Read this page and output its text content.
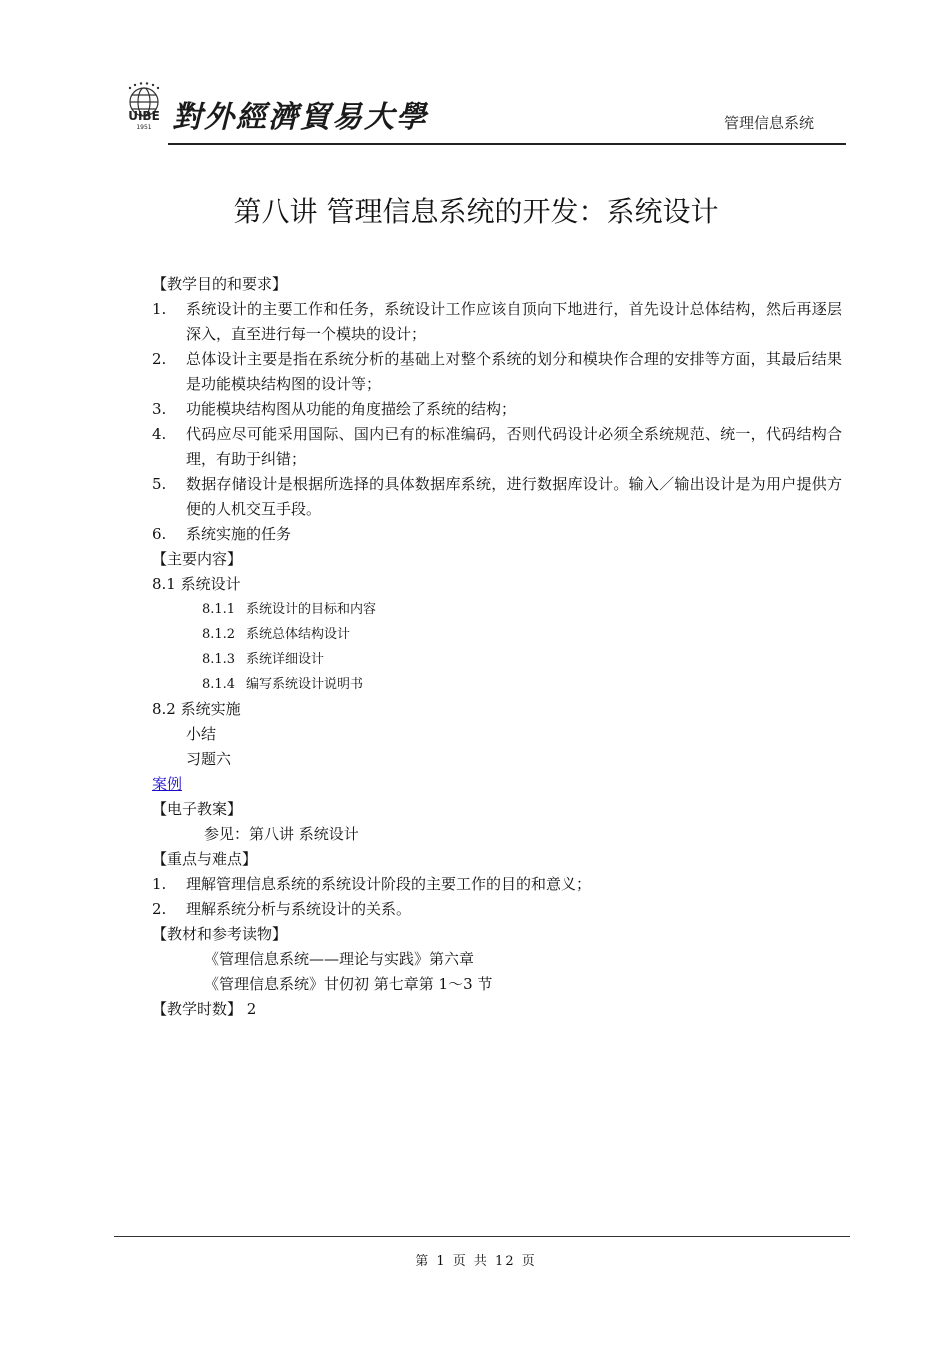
UIBE
1951 對外經濟貿易大學	管理信息系统
第八讲 管理信息系统的开发：系统设计
【教学目的和要求】
1.	系统设计的主要工作和任务，系统设计工作应该自顶向下地进行，首先设计总体结构，然后再逐层深入，直至进行每一个模块的设计；
2.	总体设计主要是指在系统分析的基础上对整个系统的划分和模块作合理的安排等方面，其最后结果是功能模块结构图的设计等；
3.	功能模块结构图从功能的角度描绘了系统的结构；
4.	代码应尽可能采用国际、国内已有的标准编码，否则代码设计必须全系统规范、统一，代码结构合理，有助于纠错；
5.	数据存储设计是根据所选择的具体数据库系统，进行数据库设计。输入／输出设计是为用户提供方便的人机交互手段。
6.	系统实施的任务
【主要内容】
8.1 系统设计
8.1.1 系统设计的目标和内容
8.1.2 系统总体结构设计
8.1.3 系统详细设计
8.1.4 编写系统设计说明书
8.2 系统实施
小结
习题六
案例
【电子教案】
参见：第八讲 系统设计
【重点与难点】
1.	理解管理信息系统的系统设计阶段的主要工作的目的和意义；
2.	理解系统分析与系统设计的关系。
【教材和参考读物】
《管理信息系统——理论与实践》第六章
《管理信息系统》甘仞初 第七章第 1～3 节
【教学时数】 2
第 1 页 共 12 页
